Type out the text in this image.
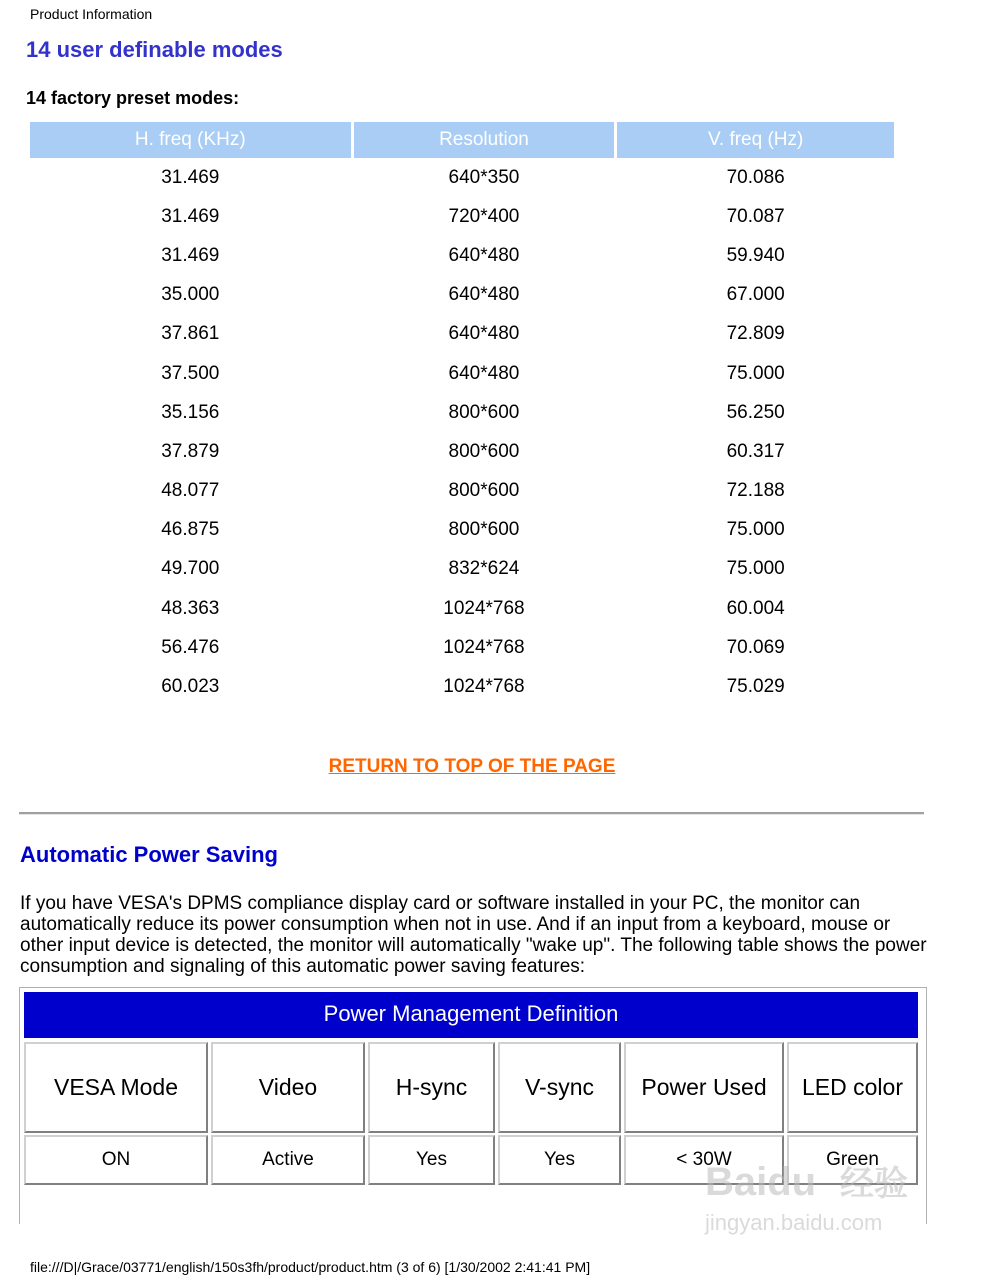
Product Information
14 user definable modes
14 factory preset modes:
H. freq (KHz)	Resolution	V. freq (Hz)
31.469	640*350	70.086
31.469	720*400	70.087
31.469	640*480	59.940
35.000	640*480	67.000
37.861	640*480	72.809
37.500	640*480	75.000
35.156	800*600	56.250
37.879	800*600	60.317
48.077	800*600	72.188
46.875	800*600	75.000
49.700	832*624	75.000
48.363	1024*768	60.004
56.476	1024*768	70.069
60.023	1024*768	75.029
RETURN TO TOP OF THE PAGE
Automatic Power Saving

If you have VESA's DPMS compliance display card or software installed in your PC, the monitor can automatically reduce its power consumption when not in use. And if an input from a keyboard, mouse or other input device is detected, the monitor will automatically "wake up". The following table shows the power consumption and signaling of this automatic power saving features:

Power Management Definition
VESA Mode	Video	H-sync	V-sync	Power Used	LED color
ON	Active	Yes	Yes	< 30W	Green
Baidu 经验
jingyan.baidu.com
file:///D|/Grace/03771/english/150s3fh/product/product.htm (3 of 6) [1/30/2002 2:41:41 PM]
